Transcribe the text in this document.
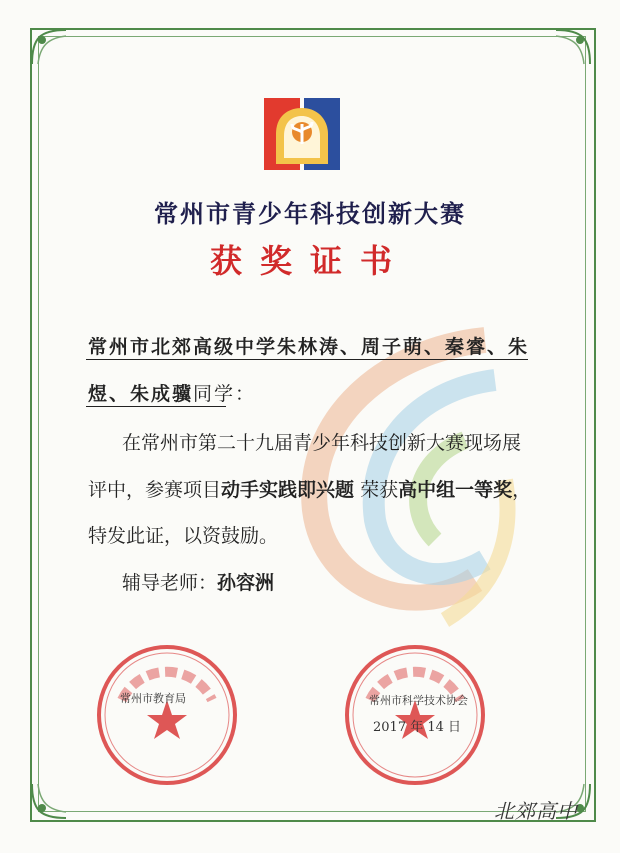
常州市青少年科技创新大赛
获奖证书
常州市北郊高级中学朱林涛、周子萌、秦睿、朱
煜、朱成骥同学：
在常州市第二十九届青少年科技创新大赛现场展
评中，参赛项目动手实践即兴题 荣获高中组一等奖，
特发此证，以资鼓励。
辅导老师：孙容洲
常州市教育局	常州市科学技术协会
2017 年 14 日
北郊高中
